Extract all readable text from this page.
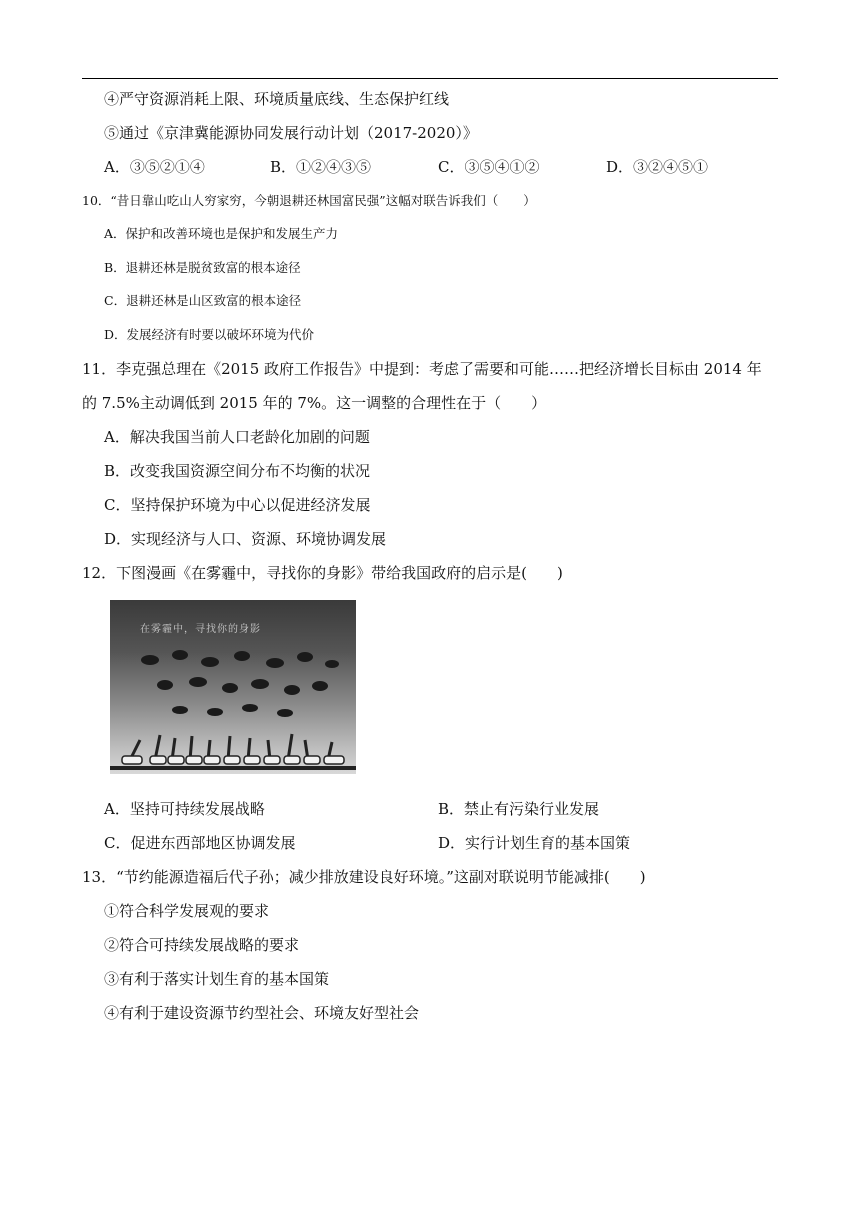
④严守资源消耗上限、环境质量底线、生态保护红线
⑤通过《京津冀能源协同发展行动计划（2017-2020）》
A．③⑤②①④	B．①②④③⑤	C．③⑤④①②	D．③②④⑤①
10．“昔日靠山吃山人穷家穷，今朝退耕还林国富民强”这幅对联告诉我们（　　）
A．保护和改善环境也是保护和发展生产力
B．退耕还林是脱贫致富的根本途径
C．退耕还林是山区致富的根本途径
D．发展经济有时要以破坏环境为代价
11．李克强总理在《2015 政府工作报告》中提到：考虑了需要和可能……把经济增长目标由 2014 年
的 7.5%主动调低到 2015 年的 7%。这一调整的合理性在于（　　）
A．解决我国当前人口老龄化加剧的问题
B．改变我国资源空间分布不均衡的状况
C．坚持保护环境为中心以促进经济发展
D．实现经济与人口、资源、环境协调发展
12．下图漫画《在雾霾中，寻找你的身影》带给我国政府的启示是(　　)
在雾霾中，寻找你的身影
A．坚持可持续发展战略	B．禁止有污染行业发展
C．促进东西部地区协调发展	D．实行计划生育的基本国策
13．“节约能源造福后代子孙；减少排放建设良好环境。”这副对联说明节能减排(　　)
①符合科学发展观的要求
②符合可持续发展战略的要求
③有利于落实计划生育的基本国策
④有利于建设资源节约型社会、环境友好型社会
